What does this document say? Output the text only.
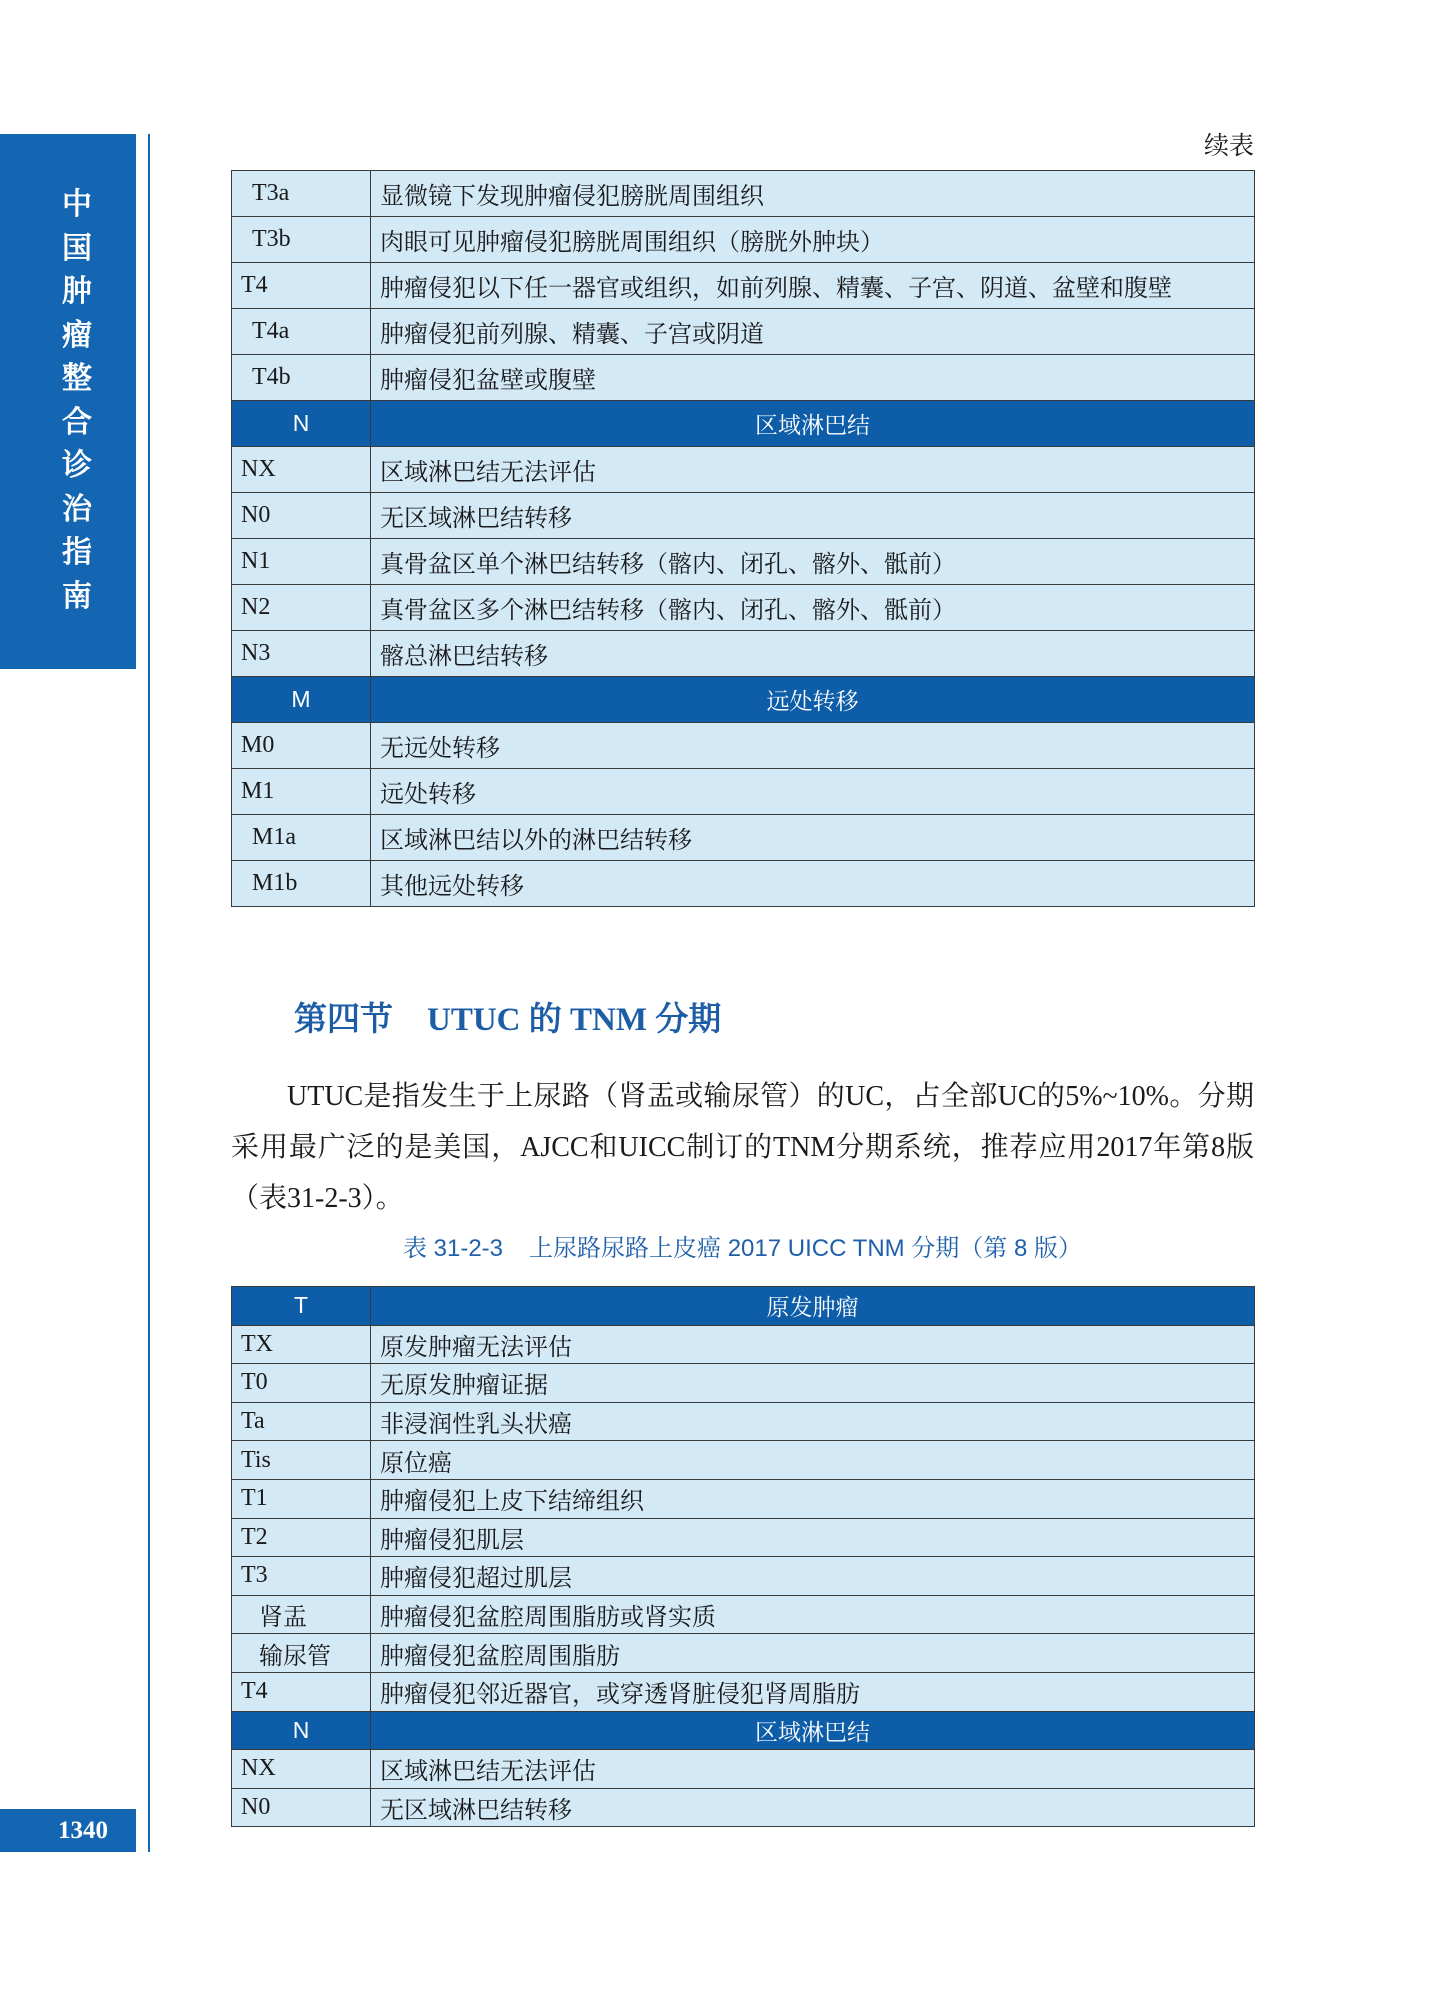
中国肿瘤整合诊治指南
1340
续表
T3a	显微镜下发现肿瘤侵犯膀胱周围组织
T3b	肉眼可见肿瘤侵犯膀胱周围组织（膀胱外肿块）
T4	肿瘤侵犯以下任一器官或组织，如前列腺、精囊、子宫、阴道、盆壁和腹壁
T4a	肿瘤侵犯前列腺、精囊、子宫或阴道
T4b	肿瘤侵犯盆壁或腹壁
N	区域淋巴结
NX	区域淋巴结无法评估
N0	无区域淋巴结转移
N1	真骨盆区单个淋巴结转移（髂内、闭孔、髂外、骶前）
N2	真骨盆区多个淋巴结转移（髂内、闭孔、髂外、骶前）
N3	髂总淋巴结转移
M	远处转移
M0	无远处转移
M1	远处转移
M1a	区域淋巴结以外的淋巴结转移
M1b	其他远处转移
第四节 UTUC 的 TNM 分期
UTUC是指发生于上尿路（肾盂或输尿管）的UC，占全部UC的5%~10%。分期
采用最广泛的是美国，AJCC和UICC制订的TNM分期系统，推荐应用2017年第8版
（表31-2-3）。
表 31-2-3 上尿路尿路上皮癌 2017 UICC TNM 分期（第 8 版）
T	原发肿瘤
TX	原发肿瘤无法评估
T0	无原发肿瘤证据
Ta	非浸润性乳头状癌
Tis	原位癌
T1	肿瘤侵犯上皮下结缔组织
T2	肿瘤侵犯肌层
T3	肿瘤侵犯超过肌层
肾盂	肿瘤侵犯盆腔周围脂肪或肾实质
输尿管	肿瘤侵犯盆腔周围脂肪
T4	肿瘤侵犯邻近器官，或穿透肾脏侵犯肾周脂肪
N	区域淋巴结
NX	区域淋巴结无法评估
N0	无区域淋巴结转移
